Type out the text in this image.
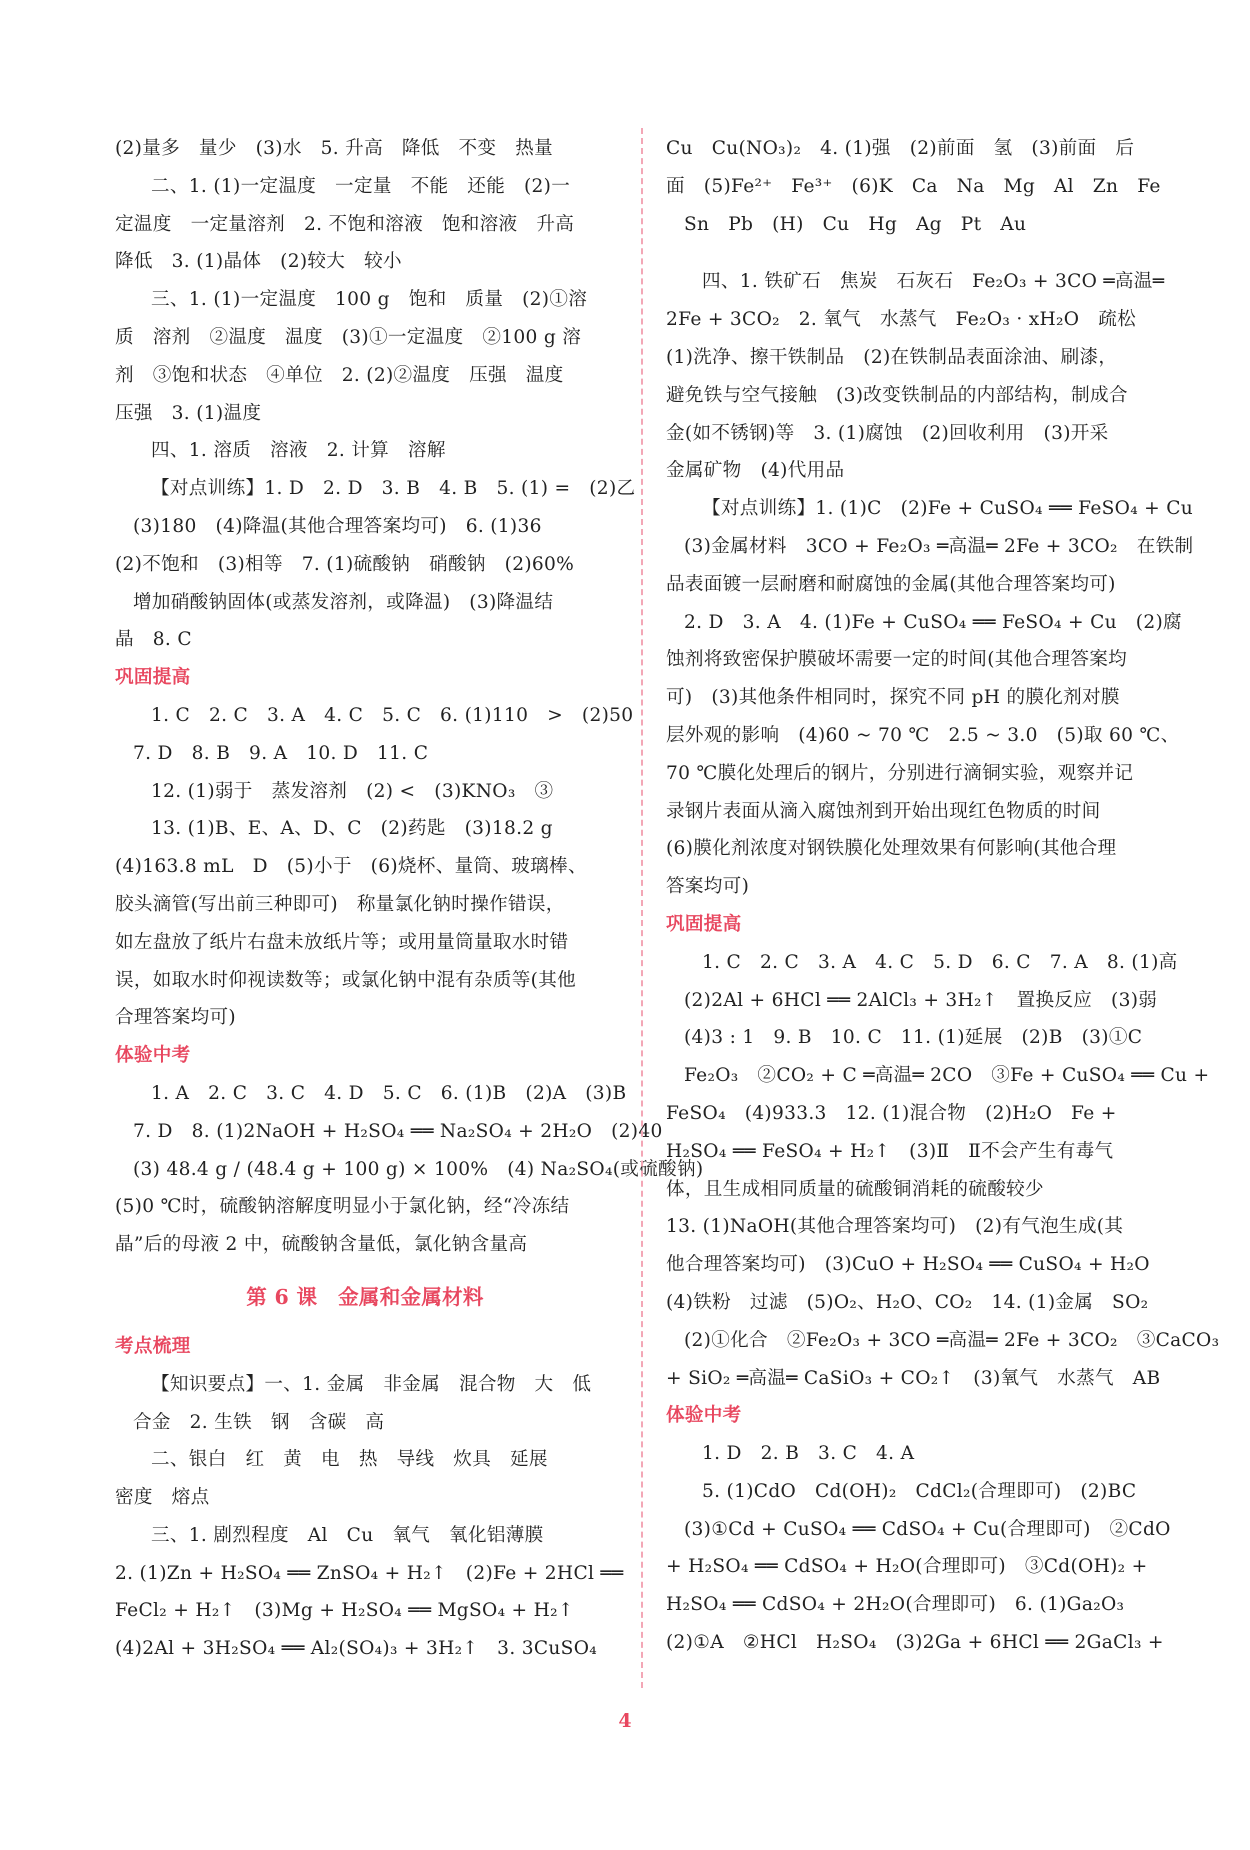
(2)量多　量少　(3)水　5. 升高　降低　不变　热量
二、1. (1)一定温度　一定量　不能　还能　(2)一
定温度　一定量溶剂　2. 不饱和溶液　饱和溶液　升高
降低　3. (1)晶体　(2)较大　较小
三、1. (1)一定温度　100 g　饱和　质量　(2)①溶
质　溶剂　②温度　温度　(3)①一定温度　②100 g 溶
剂　③饱和状态　④单位　2. (2)②温度　压强　温度
压强　3. (1)温度
四、1. 溶质　溶液　2. 计算　溶解
【对点训练】1. D　2. D　3. B　4. B　5. (1) =　(2)乙
(3)180　(4)降温(其他合理答案均可)　6. (1)36
(2)不饱和　(3)相等　7. (1)硫酸钠　硝酸钠　(2)60%
增加硝酸钠固体(或蒸发溶剂，或降温)　(3)降温结
晶　8. C
巩固提高
1. C　2. C　3. A　4. C　5. C　6. (1)110　>　(2)50
7. D　8. B　9. A　10. D　11. C
12. (1)弱于　蒸发溶剂　(2) <　(3)KNO₃　③
13. (1)B、E、A、D、C　(2)药匙　(3)18.2 g
(4)163.8 mL　D　(5)小于　(6)烧杯、量筒、玻璃棒、
胶头滴管(写出前三种即可)　称量氯化钠时操作错误，
如左盘放了纸片右盘未放纸片等；或用量筒量取水时错
误，如取水时仰视读数等；或氯化钠中混有杂质等(其他
合理答案均可)
体验中考
1. A　2. C　3. C　4. D　5. C　6. (1)B　(2)A　(3)B
7. D　8. (1)2NaOH + H₂SO₄ ══ Na₂SO₄ + 2H₂O　(2)40
(3) 48.4 g / (48.4 g + 100 g) × 100%　(4) Na₂SO₄(或硫酸钠)
(5)0 ℃时，硫酸钠溶解度明显小于氯化钠，经“冷冻结
晶”后的母液 2 中，硫酸钠含量低，氯化钠含量高
第 6 课　金属和金属材料
考点梳理
【知识要点】一、1. 金属　非金属　混合物　大　低
合金　2. 生铁　钢　含碳　高
二、银白　红　黄　电　热　导线　炊具　延展
密度　熔点
三、1. 剧烈程度　Al　Cu　氧气　氧化铝薄膜
2. (1)Zn + H₂SO₄ ══ ZnSO₄ + H₂↑　(2)Fe + 2HCl ══
FeCl₂ + H₂↑　(3)Mg + H₂SO₄ ══ MgSO₄ + H₂↑
(4)2Al + 3H₂SO₄ ══ Al₂(SO₄)₃ + 3H₂↑　3. 3CuSO₄
Cu　Cu(NO₃)₂　4. (1)强　(2)前面　氢　(3)前面　后
面　(5)Fe²⁺　Fe³⁺　(6)K　Ca　Na　Mg　Al　Zn　Fe
Sn　Pb　(H)　Cu　Hg　Ag　Pt　Au
四、1. 铁矿石　焦炭　石灰石　Fe₂O₃ + 3CO ═高温═
2Fe + 3CO₂　2. 氧气　水蒸气　Fe₂O₃ · xH₂O　疏松
(1)洗净、擦干铁制品　(2)在铁制品表面涂油、刷漆，
避免铁与空气接触　(3)改变铁制品的内部结构，制成合
金(如不锈钢)等　3. (1)腐蚀　(2)回收利用　(3)开采
金属矿物　(4)代用品
【对点训练】1. (1)C　(2)Fe + CuSO₄ ══ FeSO₄ + Cu
(3)金属材料　3CO + Fe₂O₃ ═高温═ 2Fe + 3CO₂　在铁制
品表面镀一层耐磨和耐腐蚀的金属(其他合理答案均可)
2. D　3. A　4. (1)Fe + CuSO₄ ══ FeSO₄ + Cu　(2)腐
蚀剂将致密保护膜破坏需要一定的时间(其他合理答案均
可)　(3)其他条件相同时，探究不同 pH 的膜化剂对膜
层外观的影响　(4)60 ~ 70 ℃　2.5 ~ 3.0　(5)取 60 ℃、
70 ℃膜化处理后的钢片，分别进行滴铜实验，观察并记
录钢片表面从滴入腐蚀剂到开始出现红色物质的时间
(6)膜化剂浓度对钢铁膜化处理效果有何影响(其他合理
答案均可)
巩固提高
1. C　2. C　3. A　4. C　5. D　6. C　7. A　8. (1)高
(2)2Al + 6HCl ══ 2AlCl₃ + 3H₂↑　置换反应　(3)弱
(4)3 : 1　9. B　10. C　11. (1)延展　(2)B　(3)①C
Fe₂O₃　②CO₂ + C ═高温═ 2CO　③Fe + CuSO₄ ══ Cu +
FeSO₄　(4)933.3　12. (1)混合物　(2)H₂O　Fe +
H₂SO₄ ══ FeSO₄ + H₂↑　(3)Ⅱ　Ⅱ不会产生有毒气
体，且生成相同质量的硫酸铜消耗的硫酸较少
13. (1)NaOH(其他合理答案均可)　(2)有气泡生成(其
他合理答案均可)　(3)CuO + H₂SO₄ ══ CuSO₄ + H₂O
(4)铁粉　过滤　(5)O₂、H₂O、CO₂　14. (1)金属　SO₂
(2)①化合　②Fe₂O₃ + 3CO ═高温═ 2Fe + 3CO₂　③CaCO₃
+ SiO₂ ═高温═ CaSiO₃ + CO₂↑　(3)氧气　水蒸气　AB
体验中考
1. D　2. B　3. C　4. A
5. (1)CdO　Cd(OH)₂　CdCl₂(合理即可)　(2)BC
(3)①Cd + CuSO₄ ══ CdSO₄ + Cu(合理即可)　②CdO
+ H₂SO₄ ══ CdSO₄ + H₂O(合理即可)　③Cd(OH)₂ +
H₂SO₄ ══ CdSO₄ + 2H₂O(合理即可)　6. (1)Ga₂O₃
(2)①A　②HCl　H₂SO₄　(3)2Ga + 6HCl ══ 2GaCl₃ +
4
